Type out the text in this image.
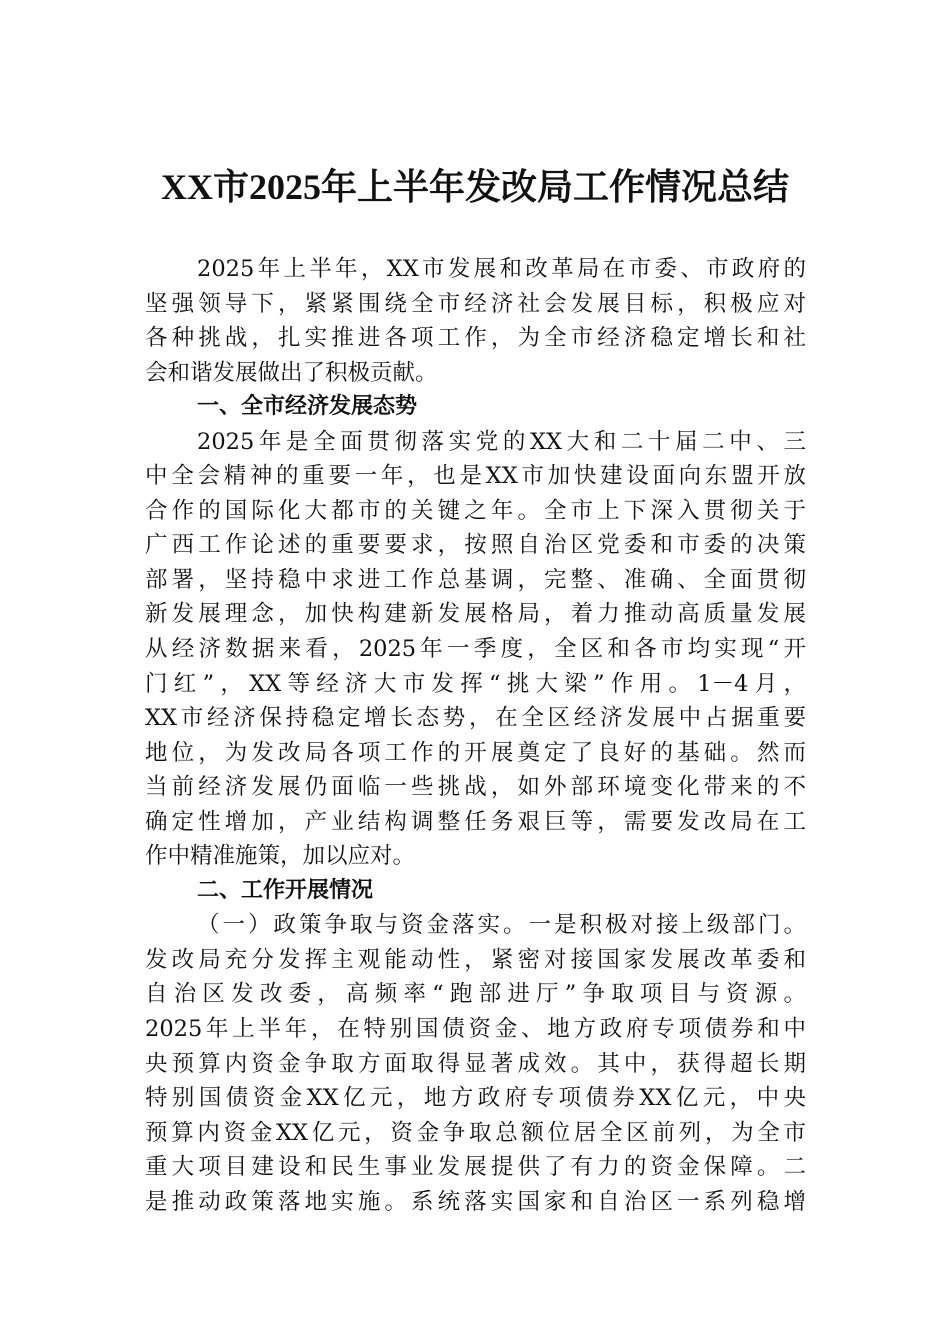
XX市2025年上半年发改局工作情况总结
2025年上半年，XX市发展和改革局在市委、市政府的
坚强领导下，紧紧围绕全市经济社会发展目标，积极应对
各种挑战，扎实推进各项工作，为全市经济稳定增长和社
会和谐发展做出了积极贡献。
一、全市经济发展态势
2025年是全面贯彻落实党的XX大和二十届二中、三
中全会精神的重要一年，也是XX市加快建设面向东盟开放
合作的国际化大都市的关键之年。全市上下深入贯彻关于
广西工作论述的重要要求，按照自治区党委和市委的决策
部署，坚持稳中求进工作总基调，完整、准确、全面贯彻
新发展理念，加快构建新发展格局，着力推动高质量发展
从经济数据来看，2025年一季度，全区和各市均实现“开
门红”，XX等经济大市发挥“挑大梁”作用。1－4月，
XX市经济保持稳定增长态势，在全区经济发展中占据重要
地位，为发改局各项工作的开展奠定了良好的基础。然而
当前经济发展仍面临一些挑战，如外部环境变化带来的不
确定性增加，产业结构调整任务艰巨等，需要发改局在工
作中精准施策，加以应对。
二、工作开展情况
（一）政策争取与资金落实。一是积极对接上级部门。
发改局充分发挥主观能动性，紧密对接国家发展改革委和
自治区发改委，高频率“跑部进厅”争取项目与资源。
2025年上半年，在特别国债资金、地方政府专项债券和中
央预算内资金争取方面取得显著成效。其中，获得超长期
特别国债资金XX亿元，地方政府专项债券XX亿元，中央
预算内资金XX亿元，资金争取总额位居全区前列，为全市
重大项目建设和民生事业发展提供了有力的资金保障。二
是推动政策落地实施。系统落实国家和自治区一系列稳增
